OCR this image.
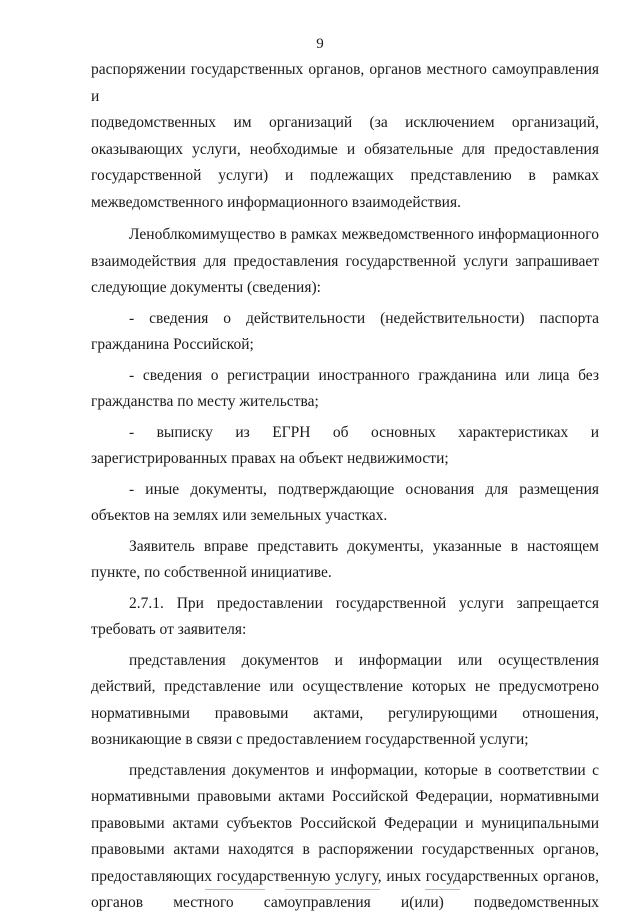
9
распоряжении государственных органов, органов местного самоуправления и
подведомственных им организаций (за исключением организаций,
оказывающих услуги, необходимые и обязательные для предоставления
государственной услуги) и подлежащих представлению в рамках
межведомственного информационного взаимодействия.
Леноблкомимущество в рамках межведомственного информационного
взаимодействия для предоставления государственной услуги запрашивает
следующие документы (сведения):
- сведения о действительности (недействительности) паспорта
гражданина Российской;
- сведения о регистрации иностранного гражданина или лица без
гражданства по месту жительства;
- выписку из ЕГРН об основных характеристиках и
зарегистрированных правах на объект недвижимости;
- иные документы, подтверждающие основания для размещения
объектов на землях или земельных участках.
Заявитель вправе представить документы, указанные в настоящем
пункте, по собственной инициативе.
2.7.1. При предоставлении государственной услуги запрещается
требовать от заявителя:
представления документов и информации или осуществления
действий, представление или осуществление которых не предусмотрено
нормативными правовыми актами, регулирующими отношения,
возникающие в связи с предоставлением государственной услуги;
представления документов и информации, которые в соответствии с
нормативными правовыми актами Российской Федерации, нормативными
правовыми актами субъектов Российской Федерации и муниципальными
правовыми актами находятся в распоряжении государственных органов,
предоставляющих государственную услугу, иных государственных органов,
органов местного самоуправления и(или) подведомственных
